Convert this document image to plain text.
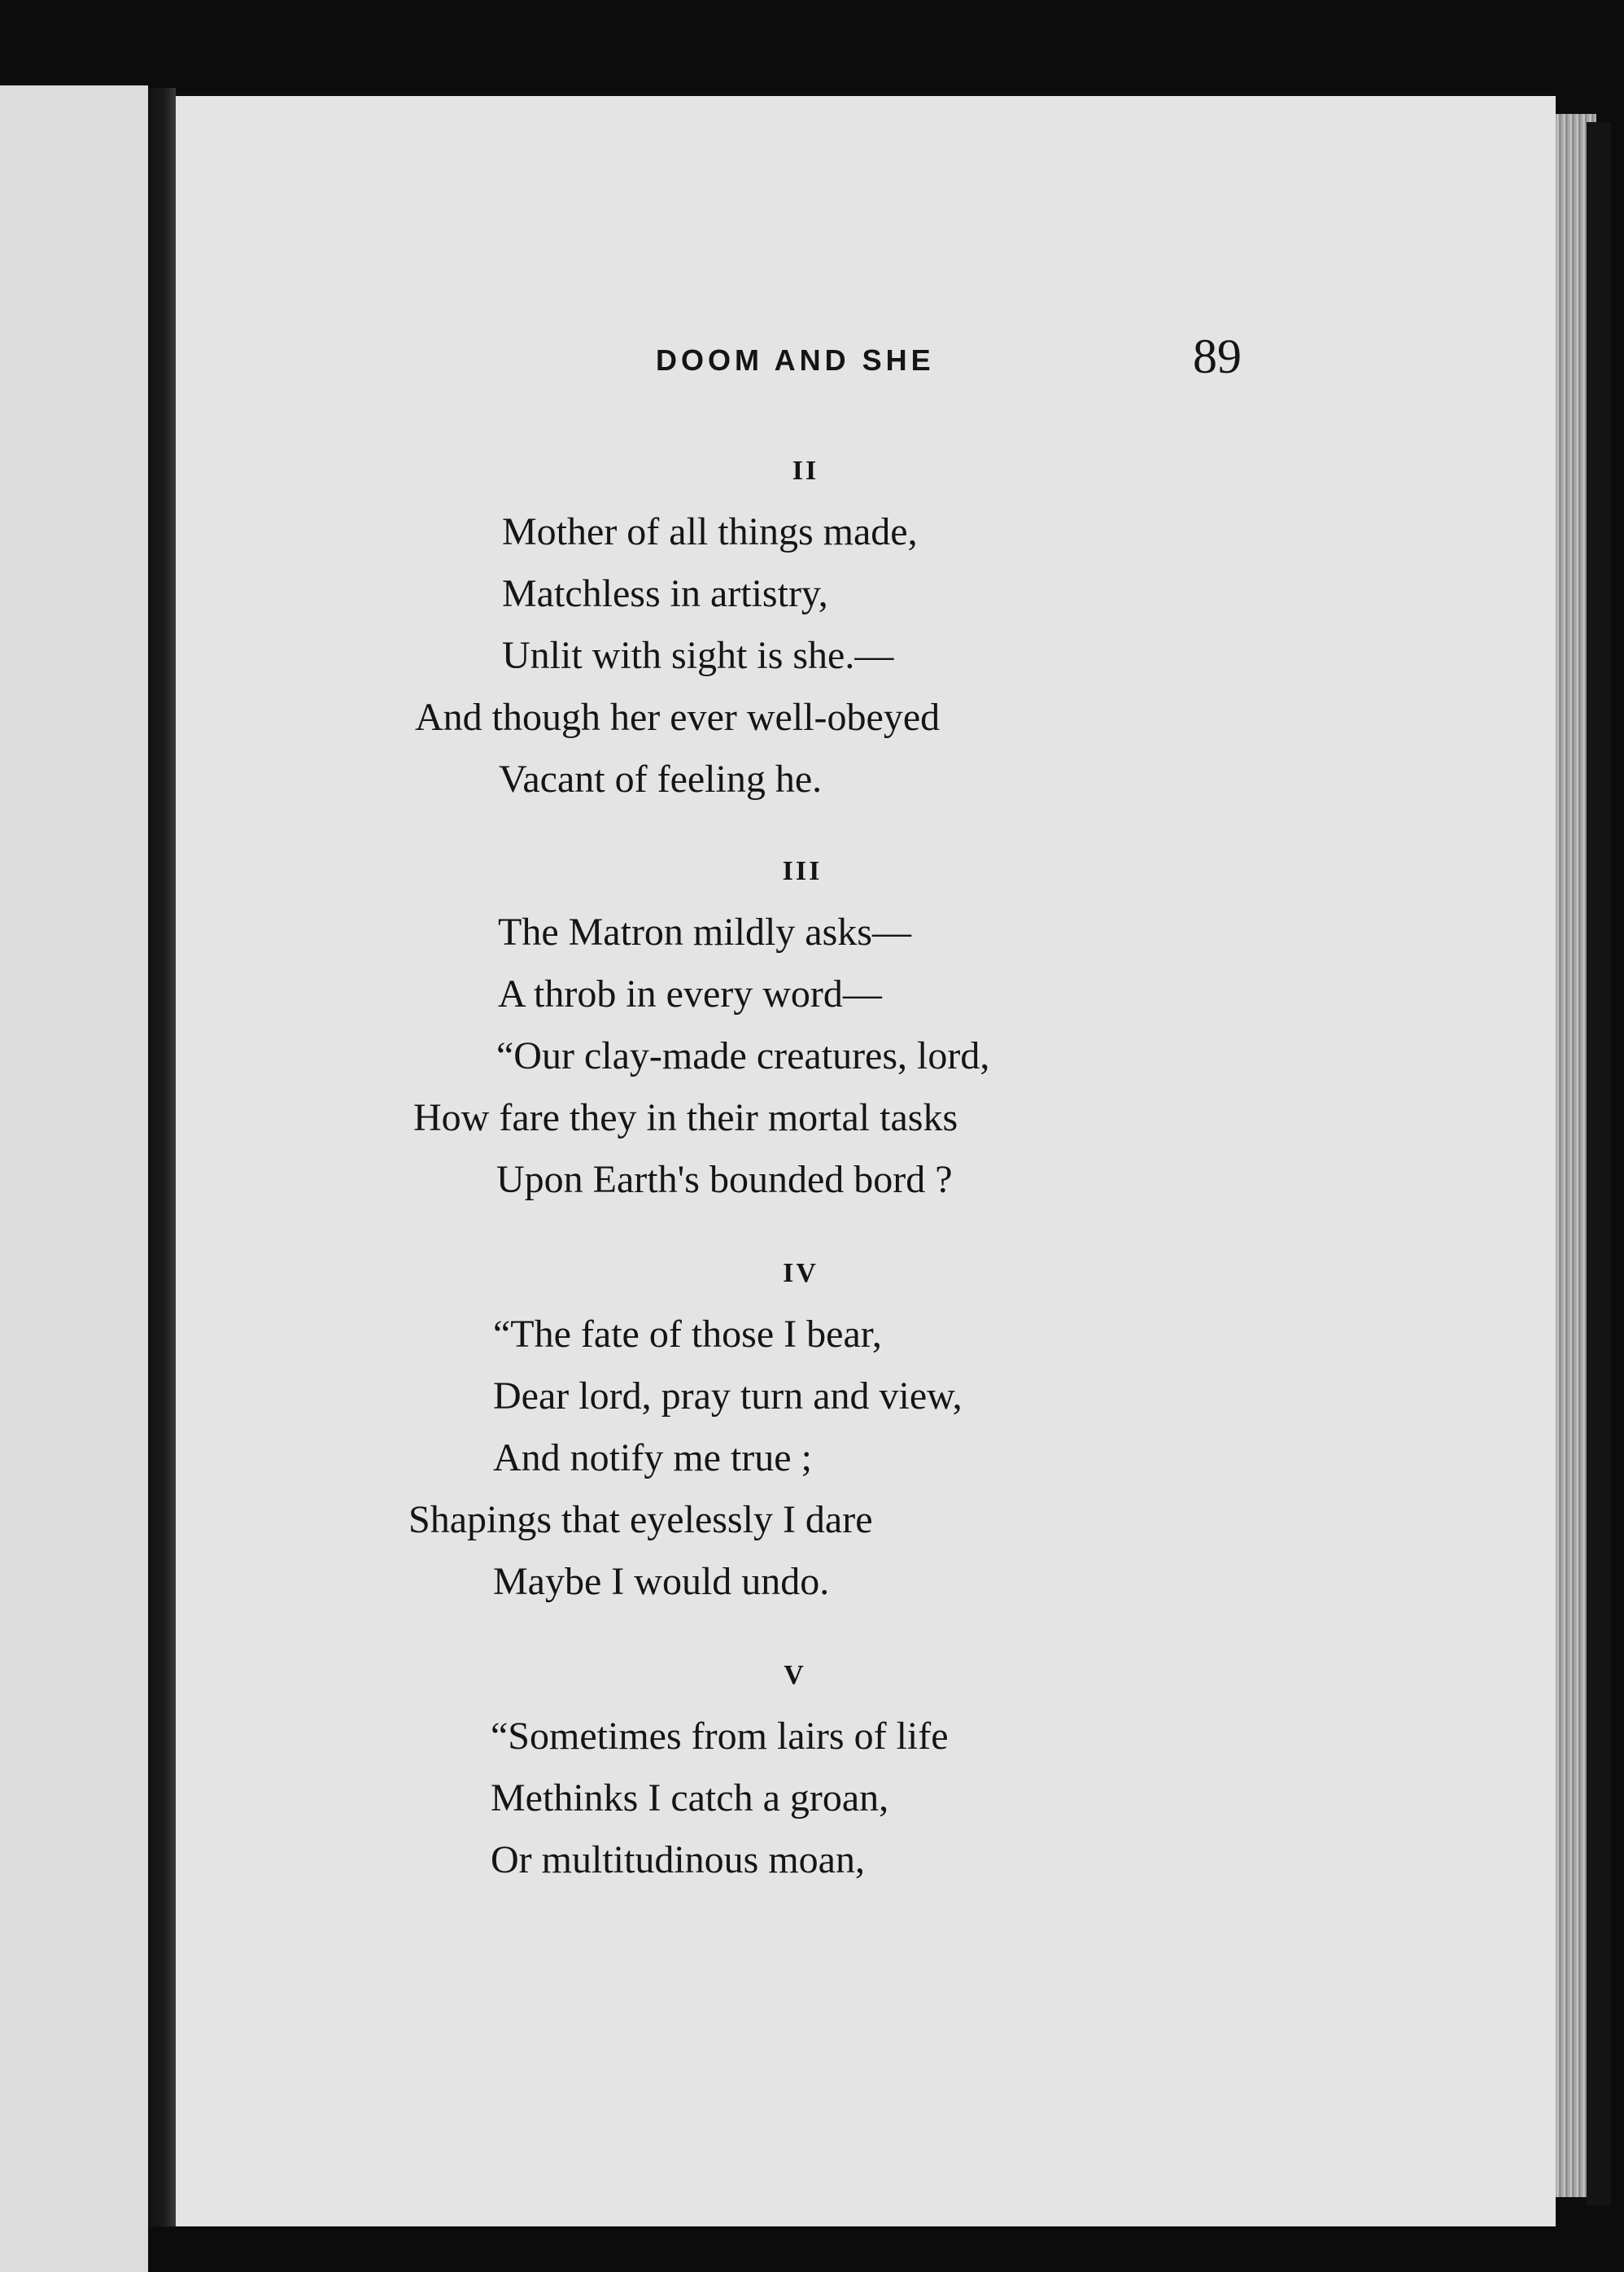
DOOM AND SHE	89
II
Mother of all things made,
Matchless in artistry,
Unlit with sight is she.—
And though her ever well-obeyed
Vacant of feeling he.
III
The Matron mildly asks—
A throb in every word—
“Our clay-made creatures, lord,
How fare they in their mortal tasks
Upon Earth's bounded bord ?
IV
“The fate of those I bear,
Dear lord, pray turn and view,
And notify me true ;
Shapings that eyelessly I dare
Maybe I would undo.
V
“Sometimes from lairs of life
Methinks I catch a groan,
Or multitudinous moan,
